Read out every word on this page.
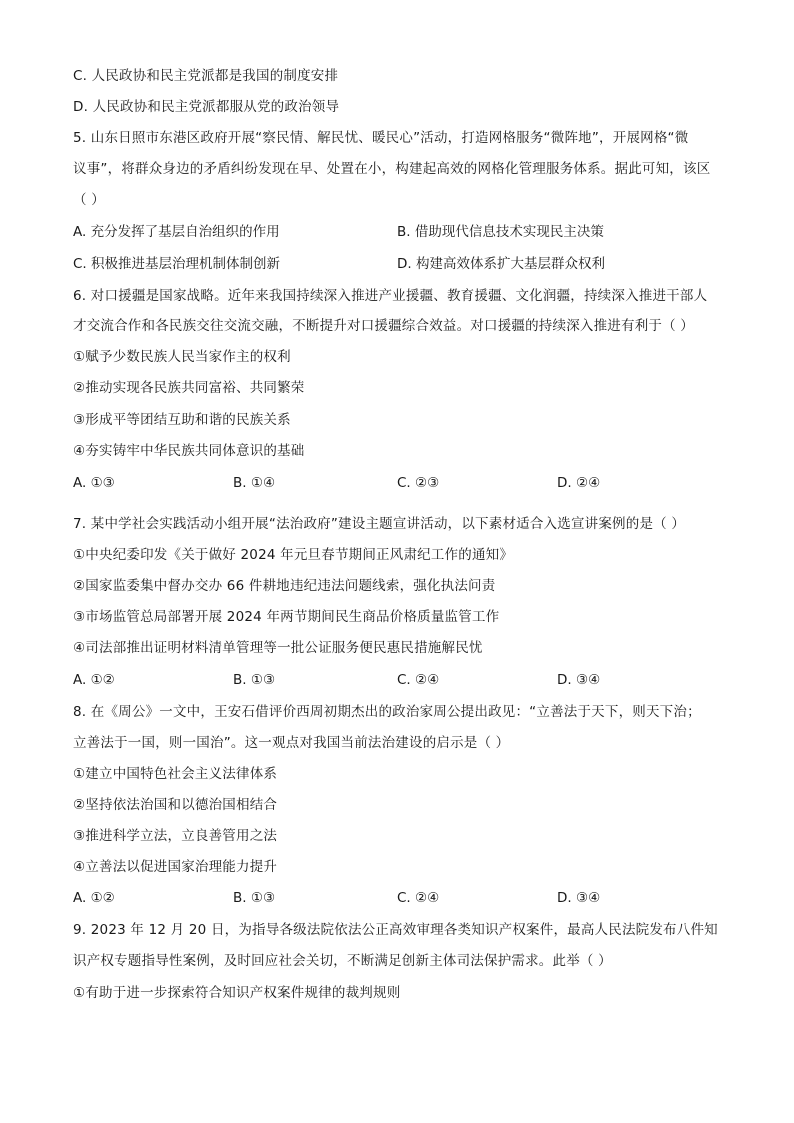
C. 人民政协和民主党派都是我国的制度安排
D. 人民政协和民主党派都服从党的政治领导
5. 山东日照市东港区政府开展“察民情、解民忧、暖民心”活动，打造网格服务“微阵地”，开展网格“微
议事”，将群众身边的矛盾纠纷发现在早、处置在小，构建起高效的网格化管理服务体系。据此可知，该区
（ ）
A. 充分发挥了基层自治组织的作用	B. 借助现代信息技术实现民主决策
C. 积极推进基层治理机制体制创新	D. 构建高效体系扩大基层群众权利
6. 对口援疆是国家战略。近年来我国持续深入推进产业援疆、教育援疆、文化润疆，持续深入推进干部人
才交流合作和各民族交往交流交融，不断提升对口援疆综合效益。对口援疆的持续深入推进有利于（ ）
①赋予少数民族人民当家作主的权利
②推动实现各民族共同富裕、共同繁荣
③形成平等团结互助和谐的民族关系
④夯实铸牢中华民族共同体意识的基础
A. ①③	B. ①④	C. ②③	D. ②④
7. 某中学社会实践活动小组开展“法治政府”建设主题宣讲活动，以下素材适合入选宣讲案例的是（ ）
①中央纪委印发《关于做好 2024 年元旦春节期间正风肃纪工作的通知》
②国家监委集中督办交办 66 件耕地违纪违法问题线索，强化执法问责
③市场监管总局部署开展 2024 年两节期间民生商品价格质量监管工作
④司法部推出证明材料清单管理等一批公证服务便民惠民措施解民忧
A. ①②	B. ①③	C. ②④	D. ③④
8. 在《周公》一文中，王安石借评价西周初期杰出的政治家周公提出政见：“立善法于天下，则天下治；
立善法于一国，则一国治”。这一观点对我国当前法治建设的启示是（ ）
①建立中国特色社会主义法律体系
②坚持依法治国和以德治国相结合
③推进科学立法，立良善管用之法
④立善法以促进国家治理能力提升
A. ①②	B. ①③	C. ②④	D. ③④
9. 2023 年 12 月 20 日，为指导各级法院依法公正高效审理各类知识产权案件，最高人民法院发布八件知
识产权专题指导性案例，及时回应社会关切，不断满足创新主体司法保护需求。此举（ ）
①有助于进一步探索符合知识产权案件规律的裁判规则
